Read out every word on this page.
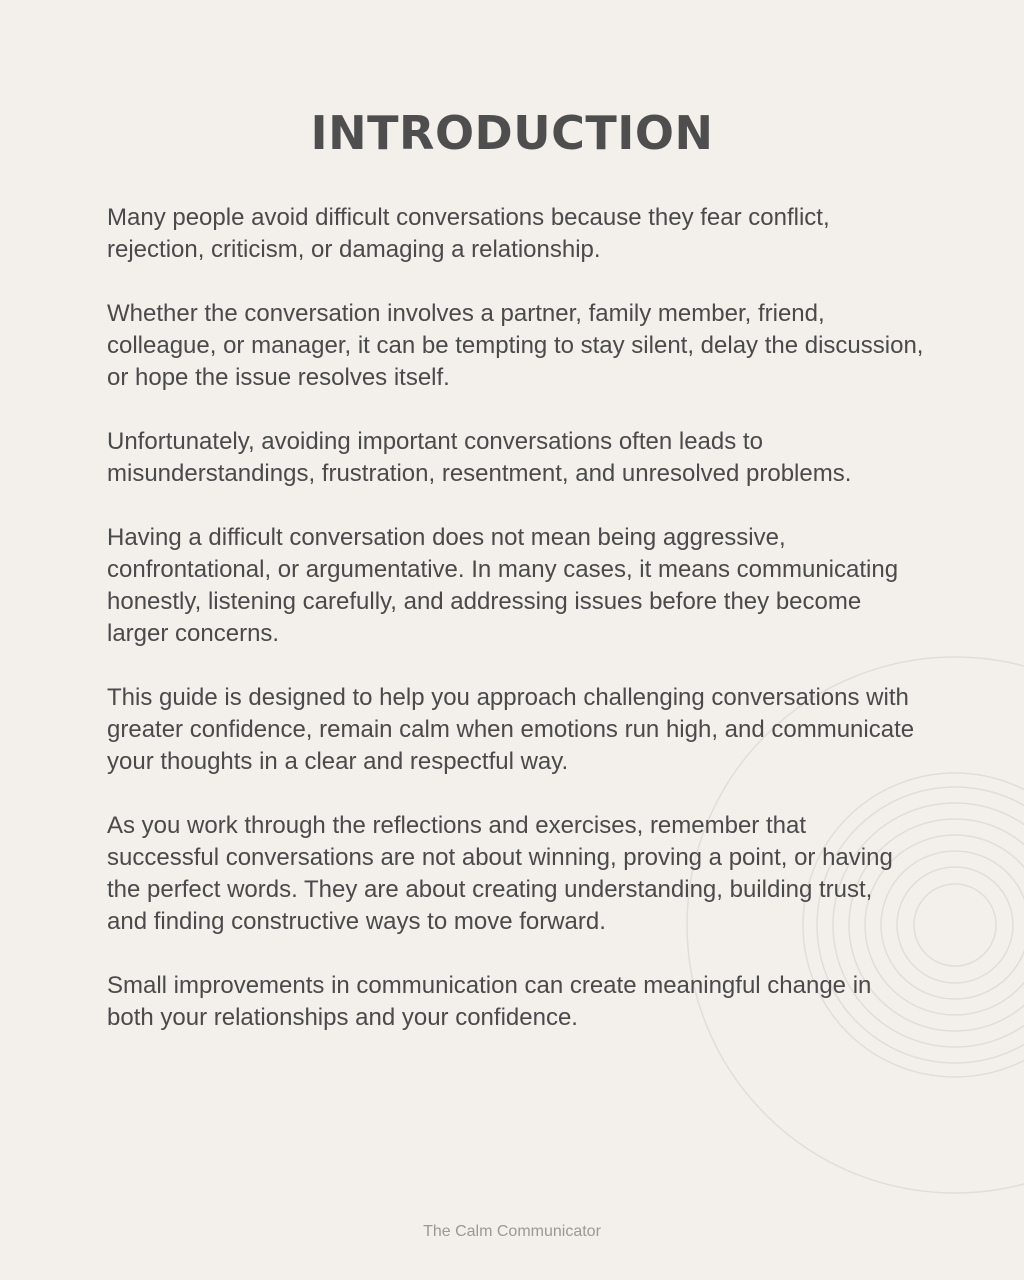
INTRODUCTION

Many people avoid difficult conversations because they fear conflict,
rejection, criticism, or damaging a relationship.

Whether the conversation involves a partner, family member, friend,
colleague, or manager, it can be tempting to stay silent, delay the discussion,
or hope the issue resolves itself.

Unfortunately, avoiding important conversations often leads to
misunderstandings, frustration, resentment, and unresolved problems.

Having a difficult conversation does not mean being aggressive,
confrontational, or argumentative. In many cases, it means communicating
honestly, listening carefully, and addressing issues before they become
larger concerns.

This guide is designed to help you approach challenging conversations with
greater confidence, remain calm when emotions run high, and communicate
your thoughts in a clear and respectful way.

As you work through the reflections and exercises, remember that
successful conversations are not about winning, proving a point, or having
the perfect words. They are about creating understanding, building trust,
and finding constructive ways to move forward.

Small improvements in communication can create meaningful change in
both your relationships and your confidence.

The Calm Communicator
